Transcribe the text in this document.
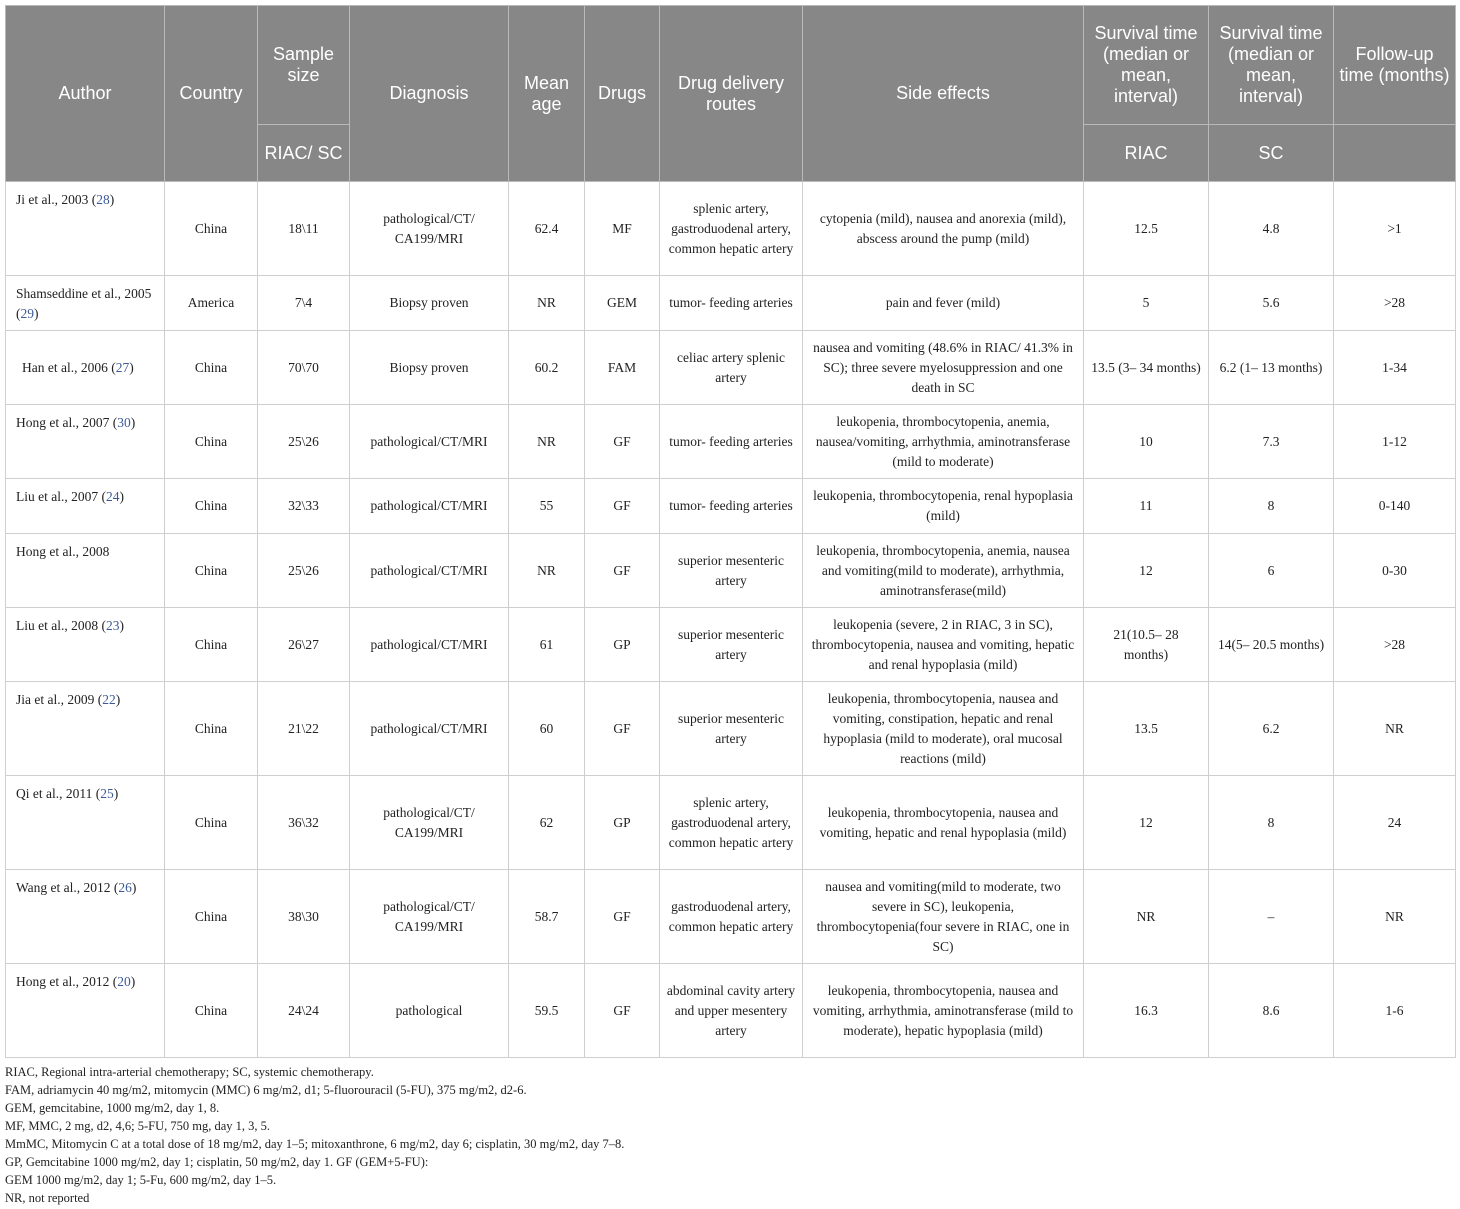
Author	Country	Sample size	Diagnosis	Mean age	Drugs	Drug delivery routes	Side effects	Survival time (median or mean, interval)	Survival time (median or mean, interval)	Follow-up time (months)
		RIAC/ SC						RIAC	SC	
Ji et al., 2003 (28)	China	18\11	pathological/CT/ CA199/MRI	62.4	MF	splenic artery, gastroduodenal artery, common hepatic artery	cytopenia (mild), nausea and anorexia (mild), abscess around the pump (mild)	12.5	4.8	>1
Shamseddine et al., 2005 (29)	America	7\4	Biopsy proven	NR	GEM	tumor- feeding arteries	pain and fever (mild)	5	5.6	>28
Han et al., 2006 (27)	China	70\70	Biopsy proven	60.2	FAM	celiac artery splenic artery	nausea and vomiting (48.6% in RIAC/ 41.3% in SC); three severe myelosuppression and one death in SC	13.5 (3– 34 months)	6.2 (1– 13 months)	1-34
Hong et al., 2007 (30)	China	25\26	pathological/CT/MRI	NR	GF	tumor- feeding arteries	leukopenia, thrombocytopenia, anemia, nausea/vomiting, arrhythmia, aminotransferase (mild to moderate)	10	7.3	1-12
Liu et al., 2007 (24)	China	32\33	pathological/CT/MRI	55	GF	tumor- feeding arteries	leukopenia, thrombocytopenia, renal hypoplasia (mild)	11	8	0-140
Hong et al., 2008	China	25\26	pathological/CT/MRI	NR	GF	superior mesenteric artery	leukopenia, thrombocytopenia, anemia, nausea and vomiting(mild to moderate), arrhythmia, aminotransferase(mild)	12	6	0-30
Liu et al., 2008 (23)	China	26\27	pathological/CT/MRI	61	GP	superior mesenteric artery	leukopenia (severe, 2 in RIAC, 3 in SC), thrombocytopenia, nausea and vomiting, hepatic and renal hypoplasia (mild)	21(10.5– 28 months)	14(5– 20.5 months)	>28
Jia et al., 2009 (22)	China	21\22	pathological/CT/MRI	60	GF	superior mesenteric artery	leukopenia, thrombocytopenia, nausea and vomiting, constipation, hepatic and renal hypoplasia (mild to moderate), oral mucosal reactions (mild)	13.5	6.2	NR
Qi et al., 2011 (25)	China	36\32	pathological/CT/ CA199/MRI	62	GP	splenic artery, gastroduodenal artery, common hepatic artery	leukopenia, thrombocytopenia, nausea and vomiting, hepatic and renal hypoplasia (mild)	12	8	24
Wang et al., 2012 (26)	China	38\30	pathological/CT/ CA199/MRI	58.7	GF	gastroduodenal artery, common hepatic artery	nausea and vomiting(mild to moderate, two severe in SC), leukopenia, thrombocytopenia(four severe in RIAC, one in SC)	NR	–	NR
Hong et al., 2012 (20)	China	24\24	pathological	59.5	GF	abdominal cavity artery and upper mesentery artery	leukopenia, thrombocytopenia, nausea and vomiting, arrhythmia, aminotransferase (mild to moderate), hepatic hypoplasia (mild)	16.3	8.6	1-6
RIAC, Regional intra-arterial chemotherapy; SC, systemic chemotherapy.
FAM, adriamycin 40 mg/m2, mitomycin (MMC) 6 mg/m2, d1; 5-fluorouracil (5-FU), 375 mg/m2, d2-6.
GEM, gemcitabine, 1000 mg/m2, day 1, 8.
MF, MMC, 2 mg, d2, 4,6; 5-FU, 750 mg, day 1, 3, 5.
MmMC, Mitomycin C at a total dose of 18 mg/m2, day 1–5; mitoxanthrone, 6 mg/m2, day 6; cisplatin, 30 mg/m2, day 7–8.
GP, Gemcitabine 1000 mg/m2, day 1; cisplatin, 50 mg/m2, day 1. GF (GEM+5-FU):
GEM 1000 mg/m2, day 1; 5-Fu, 600 mg/m2, day 1–5.
NR, not reported
